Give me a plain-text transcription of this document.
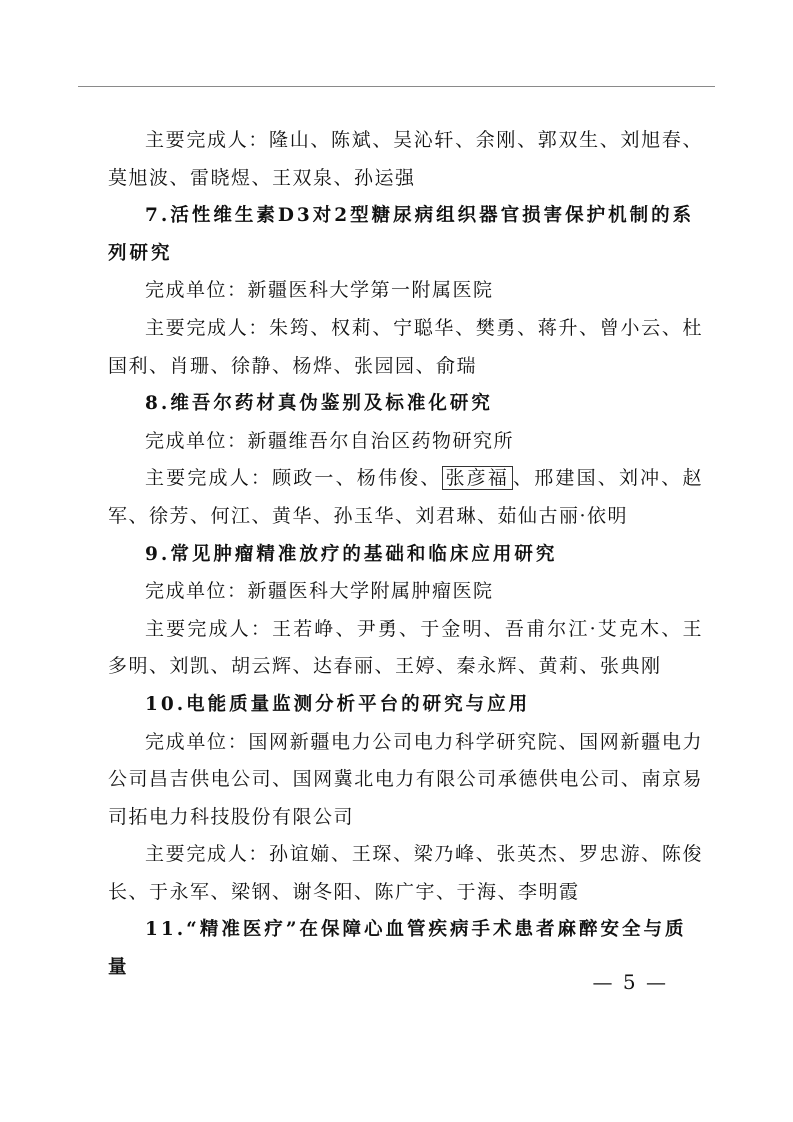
主要完成人：隆山、陈斌、吴沁轩、余刚、郭双生、刘旭春、莫旭波、雷晓煜、王双泉、孙运强

7.活性维生素D3对2型糖尿病组织器官损害保护机制的系列研究

完成单位：新疆医科大学第一附属医院

主要完成人：朱筠、权莉、宁聪华、樊勇、蒋升、曾小云、杜国利、肖珊、徐静、杨烨、张园园、俞瑞

8.维吾尔药材真伪鉴别及标准化研究

完成单位：新疆维吾尔自治区药物研究所

主要完成人：顾政一、杨伟俊、 张彦福 、邢建国、刘冲、赵军、徐芳、何江、黄华、孙玉华、刘君琳、茹仙古丽·依明

9.常见肿瘤精准放疗的基础和临床应用研究

完成单位：新疆医科大学附属肿瘤医院

主要完成人：王若峥、尹勇、于金明、吾甫尔江·艾克木、王多明、刘凯、胡云辉、达春丽、王婷、秦永辉、黄莉、张典刚

10.电能质量监测分析平台的研究与应用

完成单位：国网新疆电力公司电力科学研究院、国网新疆电力公司昌吉供电公司、国网冀北电力有限公司承德供电公司、南京易司拓电力科技股份有限公司

主要完成人：孙谊媊、王琛、梁乃峰、张英杰、罗忠游、陈俊长、于永军、梁钢、谢冬阳、陈广宇、于海、李明霞

11.“精准医疗”在保障心血管疾病手术患者麻醉安全与质量

— 5 —
